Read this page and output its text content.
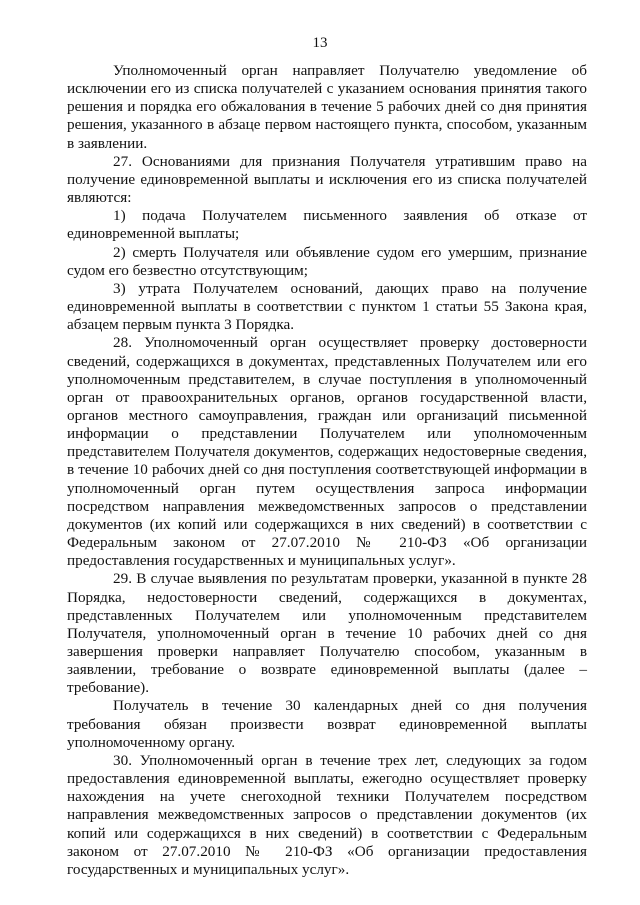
13

Уполномоченный орган направляет Получателю уведомление об исключении его из списка получателей с указанием основания принятия такого решения и порядка его обжалования в течение 5 рабочих дней со дня принятия решения, указанного в абзаце первом настоящего пункта, способом, указанным в заявлении.

27. Основаниями для признания Получателя утратившим право на получение единовременной выплаты и исключения его из списка получателей являются:

1) подача Получателем письменного заявления об отказе от единовременной выплаты;

2) смерть Получателя или объявление судом его умершим, признание судом его безвестно отсутствующим;

3) утрата Получателем оснований, дающих право на получение единовременной выплаты в соответствии с пунктом 1 статьи 55 Закона края, абзацем первым пункта 3 Порядка.

28. Уполномоченный орган осуществляет проверку достоверности сведений, содержащихся в документах, представленных Получателем или его уполномоченным представителем, в случае поступления в уполномоченный орган от правоохранительных органов, органов государственной власти, органов местного самоуправления, граждан или организаций письменной информации о представлении Получателем или уполномоченным представителем Получателя документов, содержащих недостоверные сведения, в течение 10 рабочих дней со дня поступления соответствующей информации в уполномоченный орган путем осуществления запроса информации посредством направления межведомственных запросов о представлении документов (их копий или содержащихся в них сведений) в соответствии с Федеральным законом от 27.07.2010 № 210-ФЗ «Об организации предоставления государственных и муниципальных услуг».

29. В случае выявления по результатам проверки, указанной в пункте 28 Порядка, недостоверности сведений, содержащихся в документах, представленных Получателем или уполномоченным представителем Получателя, уполномоченный орган в течение 10 рабочих дней со дня завершения проверки направляет Получателю способом, указанным в заявлении, требование о возврате единовременной выплаты (далее – требование).

Получатель в течение 30 календарных дней со дня получения требования обязан произвести возврат единовременной выплаты уполномоченному органу.

30. Уполномоченный орган в течение трех лет, следующих за годом предоставления единовременной выплаты, ежегодно осуществляет проверку нахождения на учете снегоходной техники Получателем посредством направления межведомственных запросов о представлении документов (их копий или содержащихся в них сведений) в соответствии с Федеральным законом от 27.07.2010 № 210-ФЗ «Об организации предоставления государственных и муниципальных услуг».
